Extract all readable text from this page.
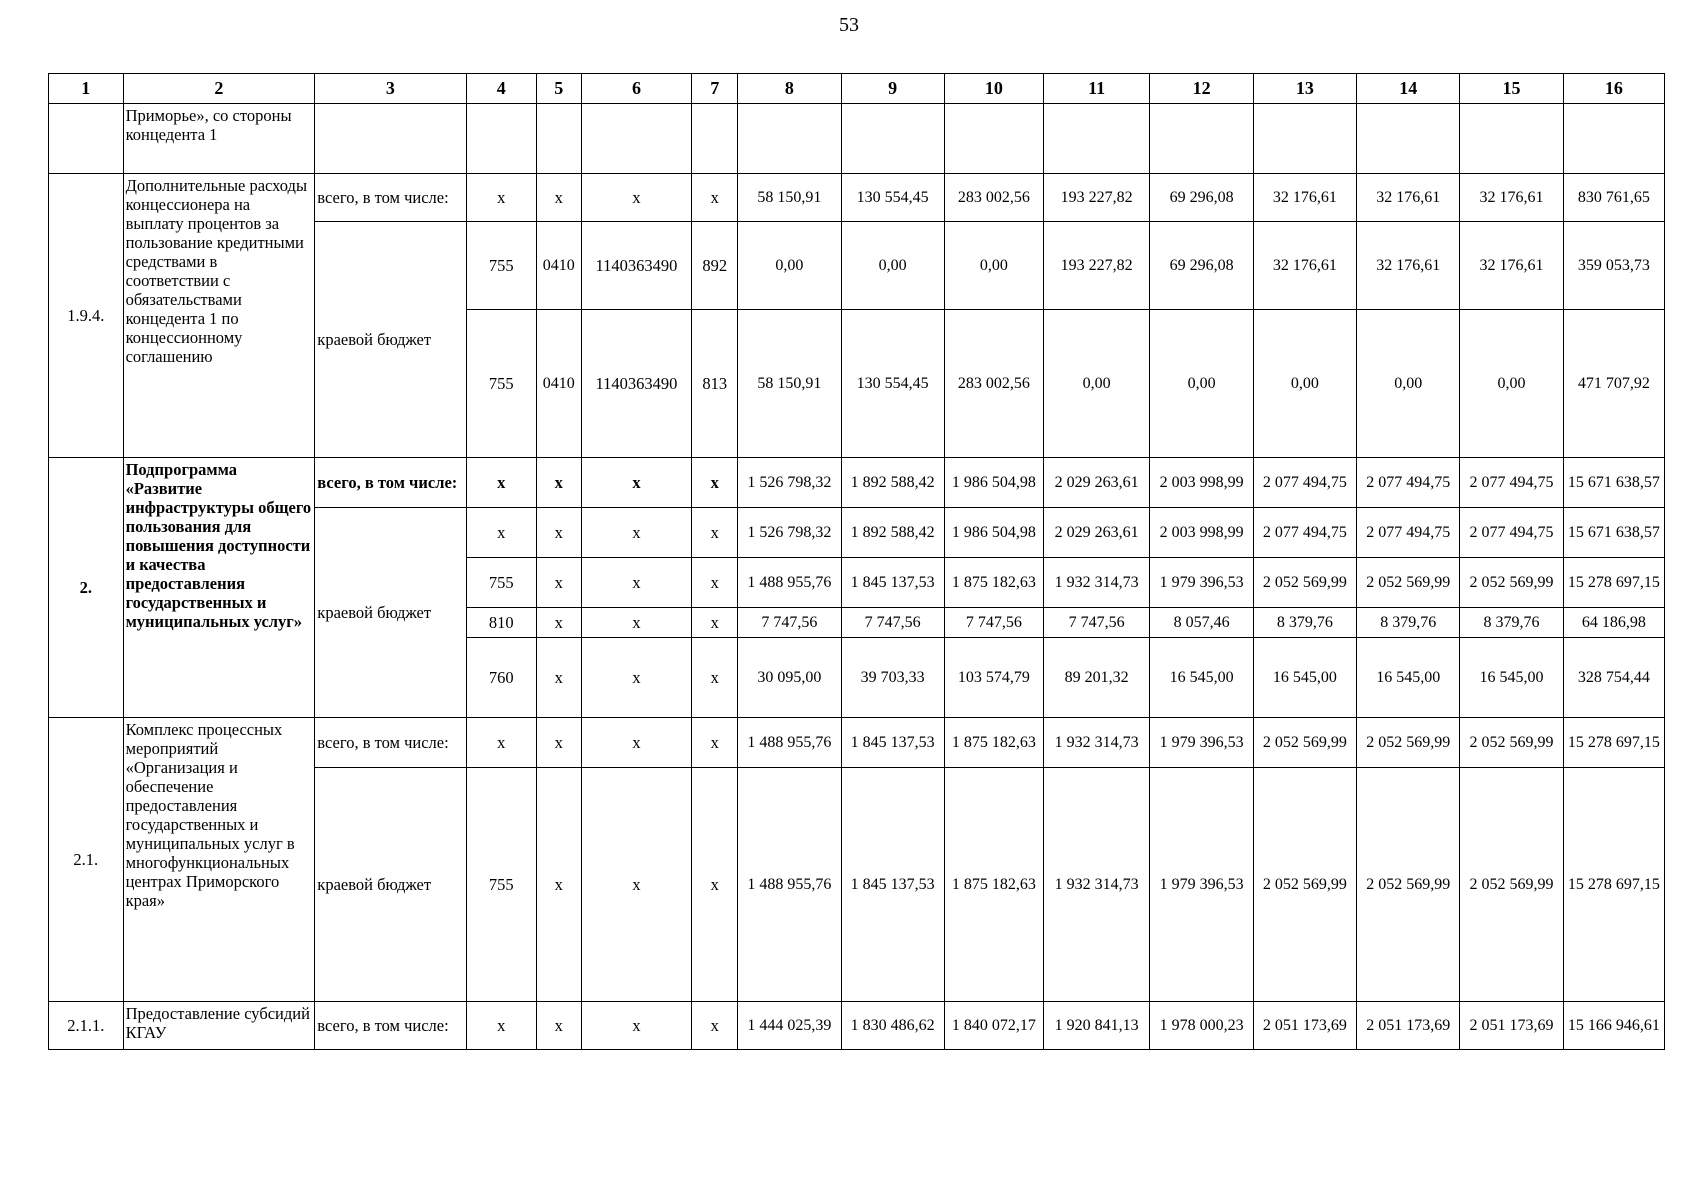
53
1	2	3	4	5	6	7	8	9	10	11	12	13	14	15	16
	Приморье», со стороны концедента 1														
1.9.4.	Дополнительные расходы концессионера на выплату процентов за пользование кредитными средствами в соответствии с обязательствами концедента 1 по концессионному соглашению	всего, в том числе:	x	x	x	x	58 150,91	130 554,45	283 002,56	193 227,82	69 296,08	32 176,61	32 176,61	32 176,61	830 761,65
		краевой бюджет	755	0410	1140363490	892	0,00	0,00	0,00	193 227,82	69 296,08	32 176,61	32 176,61	32 176,61	359 053,73
			755	0410	1140363490	813	58 150,91	130 554,45	283 002,56	0,00	0,00	0,00	0,00	0,00	471 707,92
2.	Подпрограмма «Развитие инфраструктуры общего пользования для повышения доступности и качества предоставления государственных и муниципальных услуг»	всего, в том числе:	x	x	x	x	1 526 798,32	1 892 588,42	1 986 504,98	2 029 263,61	2 003 998,99	2 077 494,75	2 077 494,75	2 077 494,75	15 671 638,57
		краевой бюджет	x	x	x	x	1 526 798,32	1 892 588,42	1 986 504,98	2 029 263,61	2 003 998,99	2 077 494,75	2 077 494,75	2 077 494,75	15 671 638,57
			755	x	x	x	1 488 955,76	1 845 137,53	1 875 182,63	1 932 314,73	1 979 396,53	2 052 569,99	2 052 569,99	2 052 569,99	15 278 697,15
			810	x	x	x	7 747,56	7 747,56	7 747,56	7 747,56	8 057,46	8 379,76	8 379,76	8 379,76	64 186,98
			760	x	x	x	30 095,00	39 703,33	103 574,79	89 201,32	16 545,00	16 545,00	16 545,00	16 545,00	328 754,44
2.1.	Комплекс процессных мероприятий «Организация и обеспечение предоставления государственных и муниципальных услуг в многофункциональных центрах Приморского края»	всего, в том числе:	x	x	x	x	1 488 955,76	1 845 137,53	1 875 182,63	1 932 314,73	1 979 396,53	2 052 569,99	2 052 569,99	2 052 569,99	15 278 697,15
		краевой бюджет	755	x	x	x	1 488 955,76	1 845 137,53	1 875 182,63	1 932 314,73	1 979 396,53	2 052 569,99	2 052 569,99	2 052 569,99	15 278 697,15
2.1.1.	Предоставление субсидий КГАУ	всего, в том числе:	x	x	x	x	1 444 025,39	1 830 486,62	1 840 072,17	1 920 841,13	1 978 000,23	2 051 173,69	2 051 173,69	2 051 173,69	15 166 946,61
